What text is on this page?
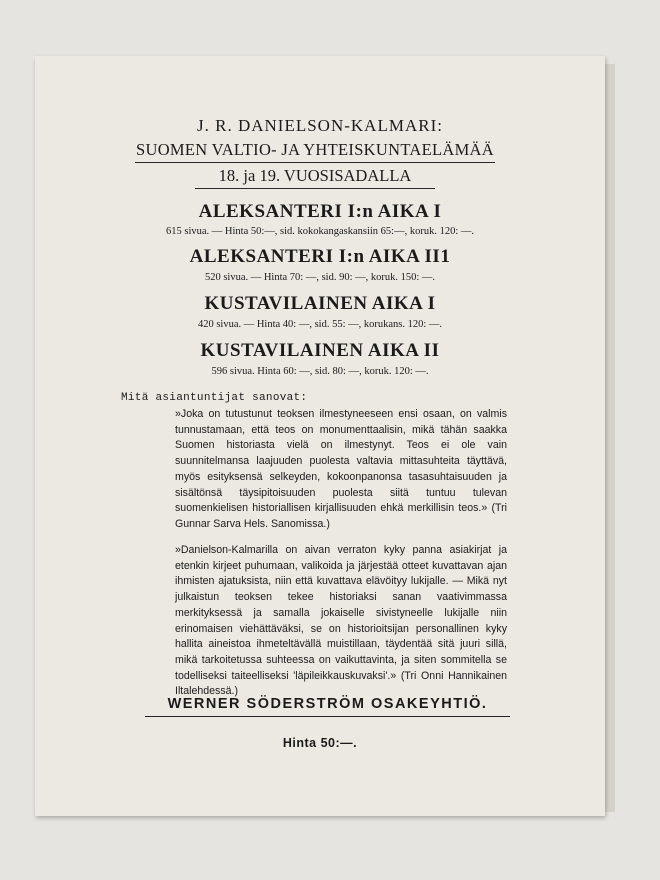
J. R. DANIELSON-KALMARI:
SUOMEN VALTIO- JA YHTEISKUNTAELÄMÄÄ
18. ja 19. VUOSISADALLA
ALEKSANTERI I:n AIKA I
615 sivua. — Hinta 50:—, sid. kokokangaskansiin 65:—, koruk. 120: —.
ALEKSANTERI I:n AIKA II1
520 sivua. — Hinta 70: —, sid. 90: —, koruk. 150: —.
KUSTAVILAINEN AIKA I
420 sivua. — Hinta 40: —, sid. 55: —, korukans. 120: —.
KUSTAVILAINEN AIKA II
596 sivua. Hinta 60: —, sid. 80: —, koruk. 120: —.
Mitä asiantuntijat sanovat:
»Joka on tutustunut teoksen ilmestyneeseen ensi osaan, on valmis tunnustamaan, että teos on monumenttaalisin, mikä tähän saakka Suomen historiasta vielä on ilmestynyt. Teos ei ole vain suunnitelmansa laajuuden puolesta valtavia mittasuhteita täyttävä, myös esityksensä selkeyden, kokoonpanonsa tasasuhtaisuuden ja sisältönsä täysipitoisuuden puolesta siitä tuntuu tulevan suomenkielisen historiallisen kirjallisuuden ehkä merkillisin teos.» (Tri Gunnar Sarva Hels. Sanomissa.)
»Danielson-Kalmarilla on aivan verraton kyky panna asiakirjat ja etenkin kirjeet puhumaan, valikoida ja järjestää otteet kuvattavan ajan ihmisten ajatuksista, niin että kuvattava elävöityy lukijalle. — Mikä nyt julkaistun teoksen tekee historiaksi sanan vaativimmassa merkityksessä ja samalla jokaiselle sivistyneelle lukijalle niin erinomaisen viehättäväksi, se on historioitsijan personallinen kyky hallita aineistoa ihmeteltävällä muistillaan, täydentää sitä juuri sillä, mikä tarkoitetussa suhteessa on vaikuttavinta, ja siten sommitella se todelliseksi taiteelliseksi 'läpileikkauskuvaksi'.» (Tri Onni Hannikainen Iltalehdessä.)
WERNER SÖDERSTRÖM OSAKEYHTIÖ.
Hinta 50:—.
